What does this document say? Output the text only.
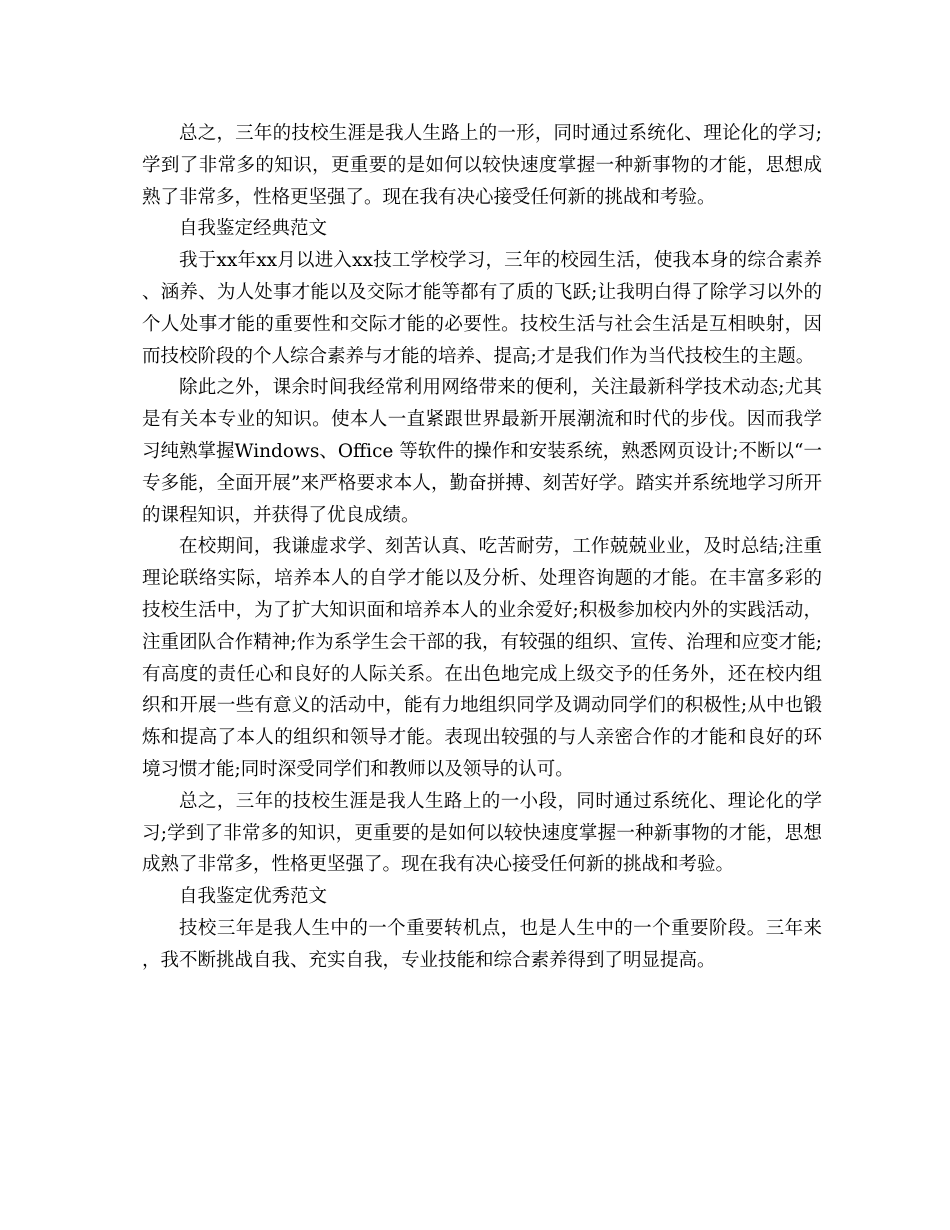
总之，三年的技校生涯是我人生路上的一形，同时通过系统化、理论化的学习;学到了非常多的知识，更重要的是如何以较快速度掌握一种新事物的才能，思想成熟了非常多，性格更坚强了。现在我有决心接受任何新的挑战和考验。

自我鉴定经典范文

我于xx年xx月以进入xx技工学校学习，三年的校园生活，使我本身的综合素养、涵养、为人处事才能以及交际才能等都有了质的飞跃;让我明白得了除学习以外的个人处事才能的重要性和交际才能的必要性。技校生活与社会生活是互相映射，因而技校阶段的个人综合素养与才能的培养、提高;才是我们作为当代技校生的主题。

除此之外，课余时间我经常利用网络带来的便利，关注最新科学技术动态;尤其是有关本专业的知识。使本人一直紧跟世界最新开展潮流和时代的步伐。因而我学习纯熟掌握Windows、Office 等软件的操作和安装系统，熟悉网页设计;不断以“一专多能，全面开展”来严格要求本人，勤奋拼搏、刻苦好学。踏实并系统地学习所开的课程知识，并获得了优良成绩。

在校期间，我谦虚求学、刻苦认真、吃苦耐劳，工作兢兢业业，及时总结;注重理论联络实际，培养本人的自学才能以及分析、处理咨询题的才能。在丰富多彩的技校生活中，为了扩大知识面和培养本人的业余爱好;积极参加校内外的实践活动，注重团队合作精神;作为系学生会干部的我，有较强的组织、宣传、治理和应变才能;有高度的责任心和良好的人际关系。在出色地完成上级交予的任务外，还在校内组织和开展一些有意义的活动中，能有力地组织同学及调动同学们的积极性;从中也锻炼和提高了本人的组织和领导才能。表现出较强的与人亲密合作的才能和良好的环境习惯才能;同时深受同学们和教师以及领导的认可。

总之，三年的技校生涯是我人生路上的一小段，同时通过系统化、理论化的学习;学到了非常多的知识，更重要的是如何以较快速度掌握一种新事物的才能，思想成熟了非常多，性格更坚强了。现在我有决心接受任何新的挑战和考验。

自我鉴定优秀范文

技校三年是我人生中的一个重要转机点，也是人生中的一个重要阶段。三年来，我不断挑战自我、充实自我，专业技能和综合素养得到了明显提高。
